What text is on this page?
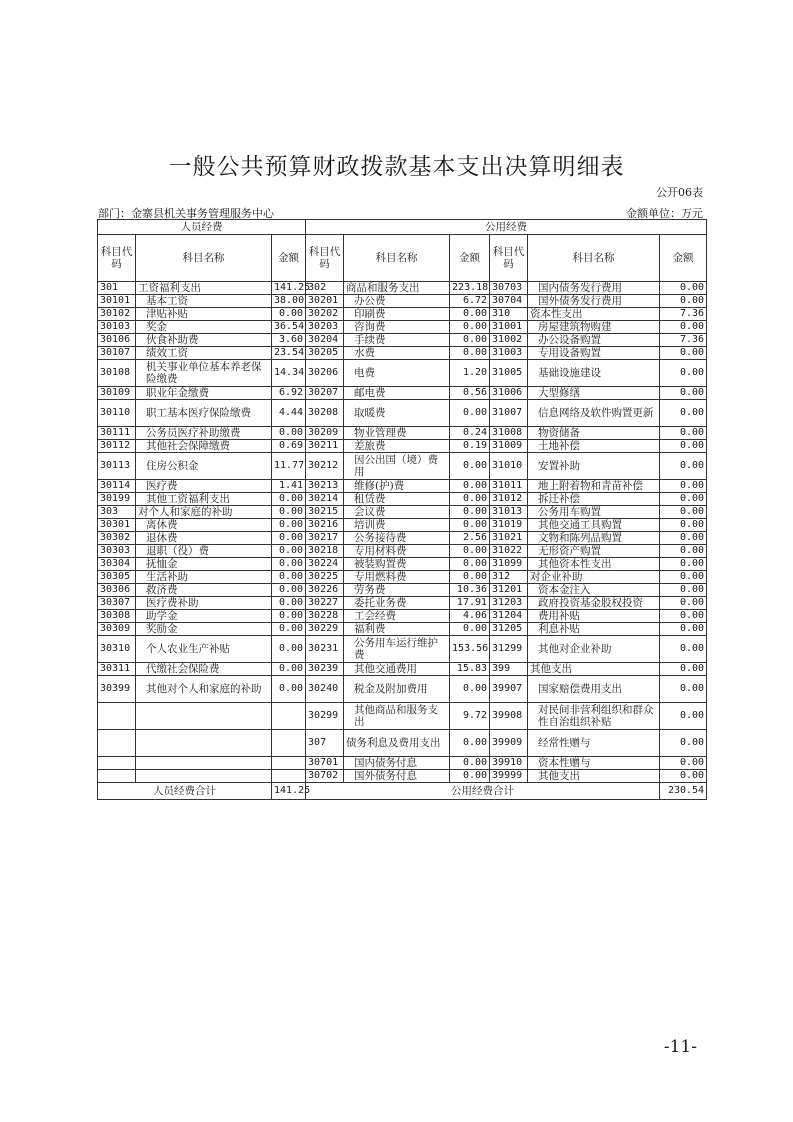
一般公共预算财政拨款基本支出决算明细表
公开06表
部门：金寨县机关事务管理服务中心	金额单位：万元
人员经费			公用经费					
科目代码	科目名称	金额	科目代码	科目名称	金额	科目代码	科目名称	金额
301	工资福利支出	141.25	302	商品和服务支出	223.18	30703	国内债务发行费用	0.00
30101	基本工资	38.00	30201	办公费	6.72	30704	国外债务发行费用	0.00
30102	津贴补贴	0.00	30202	印刷费	0.00	310	资本性支出	7.36
30103	奖金	36.54	30203	咨询费	0.00	31001	房屋建筑物购建	0.00
30106	伙食补助费	3.60	30204	手续费	0.00	31002	办公设备购置	7.36
30107	绩效工资	23.54	30205	水费	0.00	31003	专用设备购置	0.00
30108	机关事业单位基本养老保险缴费	14.34	30206	电费	1.20	31005	基础设施建设	0.00
30109	职业年金缴费	6.92	30207	邮电费	0.56	31006	大型修缮	0.00
30110	职工基本医疗保险缴费	4.44	30208	取暖费	0.00	31007	信息网络及软件购置更新	0.00
30111	公务员医疗补助缴费	0.00	30209	物业管理费	0.24	31008	物资储备	0.00
30112	其他社会保障缴费	0.69	30211	差旅费	0.19	31009	土地补偿	0.00
30113	住房公积金	11.77	30212	因公出国（境）费用	0.00	31010	安置补助	0.00
30114	医疗费	1.41	30213	维修(护)费	0.00	31011	地上附着物和青苗补偿	0.00
30199	其他工资福利支出	0.00	30214	租赁费	0.00	31012	拆迁补偿	0.00
303	对个人和家庭的补助	0.00	30215	会议费	0.00	31013	公务用车购置	0.00
30301	离休费	0.00	30216	培训费	0.00	31019	其他交通工具购置	0.00
30302	退休费	0.00	30217	公务接待费	2.56	31021	文物和陈列品购置	0.00
30303	退职（役）费	0.00	30218	专用材料费	0.00	31022	无形资产购置	0.00
30304	抚恤金	0.00	30224	被装购置费	0.00	31099	其他资本性支出	0.00
30305	生活补助	0.00	30225	专用燃料费	0.00	312	对企业补助	0.00
30306	救济费	0.00	30226	劳务费	10.36	31201	资本金注入	0.00
30307	医疗费补助	0.00	30227	委托业务费	17.91	31203	政府投资基金股权投资	0.00
30308	助学金	0.00	30228	工会经费	4.06	31204	费用补贴	0.00
30309	奖励金	0.00	30229	福利费	0.00	31205	利息补贴	0.00
30310	个人农业生产补贴	0.00	30231	公务用车运行维护费	153.56	31299	其他对企业补助	0.00
30311	代缴社会保险费	0.00	30239	其他交通费用	15.83	399	其他支出	0.00
30399	其他对个人和家庭的补助	0.00	30240	税金及附加费用	0.00	39907	国家赔偿费用支出	0.00
			30299	其他商品和服务支出	9.72	39908	对民间非营利组织和群众性自治组织补贴	0.00
			307	债务利息及费用支出	0.00	39909	经常性赠与	0.00
			30701	国内债务付息	0.00	39910	资本性赠与	0.00
			30702	国外债务付息	0.00	39999	其他支出	0.00
人员经费合计		141.25	公用经费合计					230.54
-11-
